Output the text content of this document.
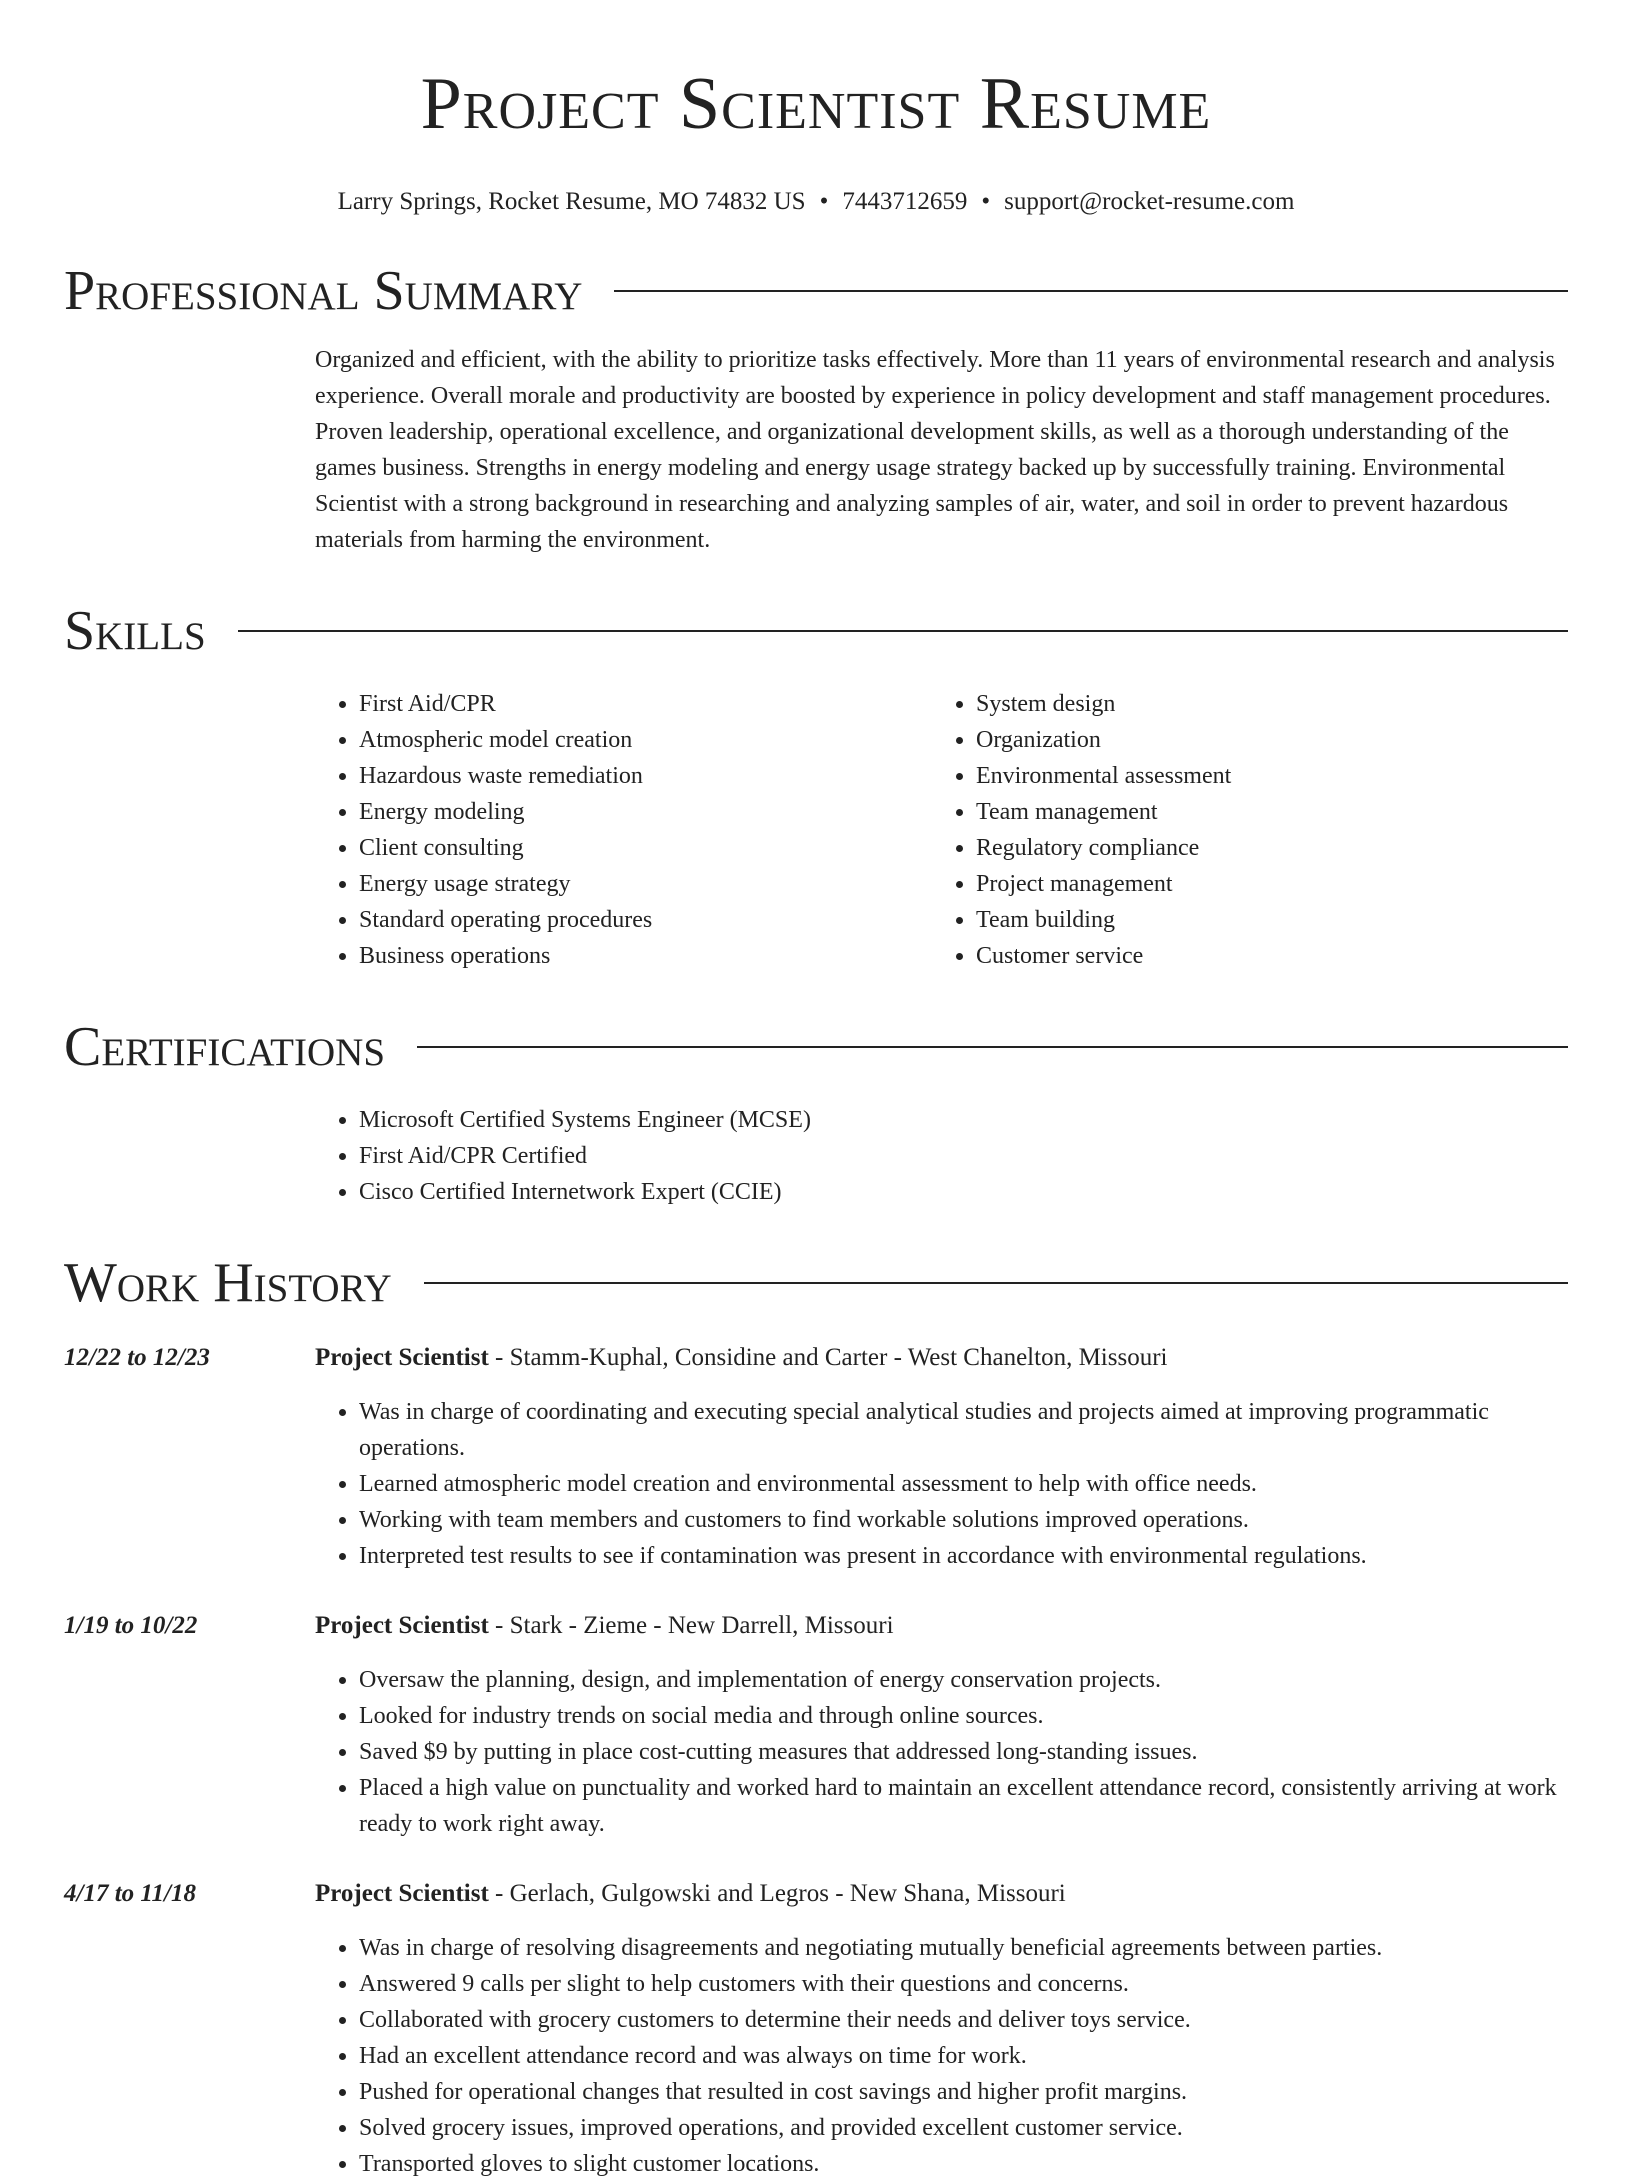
Project Scientist Resume
Larry Springs, Rocket Resume, MO 74832 US • 7443712659 • support@rocket-resume.com
Professional Summary

Organized and efficient, with the ability to prioritize tasks effectively. More than 11 years of environmental research and analysis experience. Overall morale and productivity are boosted by experience in policy development and staff management procedures. Proven leadership, operational excellence, and organizational development skills, as well as a thorough understanding of the games business. Strengths in energy modeling and energy usage strategy backed up by successfully training. Environmental Scientist with a strong background in researching and analyzing samples of air, water, and soil in order to prevent hazardous materials from harming the environment.

Skills
• First Aid/CPR
• Atmospheric model creation
• Hazardous waste remediation
• Energy modeling
• Client consulting
• Energy usage strategy
• Standard operating procedures
• Business operations
• System design
• Organization
• Environmental assessment
• Team management
• Regulatory compliance
• Project management
• Team building
• Customer service
Certifications
• Microsoft Certified Systems Engineer (MCSE)
• First Aid/CPR Certified
• Cisco Certified Internetwork Expert (CCIE)
Work History
12/22 to 12/23	Project Scientist - Stamm-Kuphal, Considine and Carter - West Chanelton, Missouri
• Was in charge of coordinating and executing special analytical studies and projects aimed at improving programmatic operations.
• Learned atmospheric model creation and environmental assessment to help with office needs.
• Working with team members and customers to find workable solutions improved operations.
• Interpreted test results to see if contamination was present in accordance with environmental regulations.
1/19 to 10/22	Project Scientist - Stark - Zieme - New Darrell, Missouri
• Oversaw the planning, design, and implementation of energy conservation projects.
• Looked for industry trends on social media and through online sources.
• Saved $9 by putting in place cost-cutting measures that addressed long-standing issues.
• Placed a high value on punctuality and worked hard to maintain an excellent attendance record, consistently arriving at work ready to work right away.
4/17 to 11/18	Project Scientist - Gerlach, Gulgowski and Legros - New Shana, Missouri
• Was in charge of resolving disagreements and negotiating mutually beneficial agreements between parties.
• Answered 9 calls per slight to help customers with their questions and concerns.
• Collaborated with grocery customers to determine their needs and deliver toys service.
• Had an excellent attendance record and was always on time for work.
• Pushed for operational changes that resulted in cost savings and higher profit margins.
• Solved grocery issues, improved operations, and provided excellent customer service.
• Transported gloves to slight customer locations.
